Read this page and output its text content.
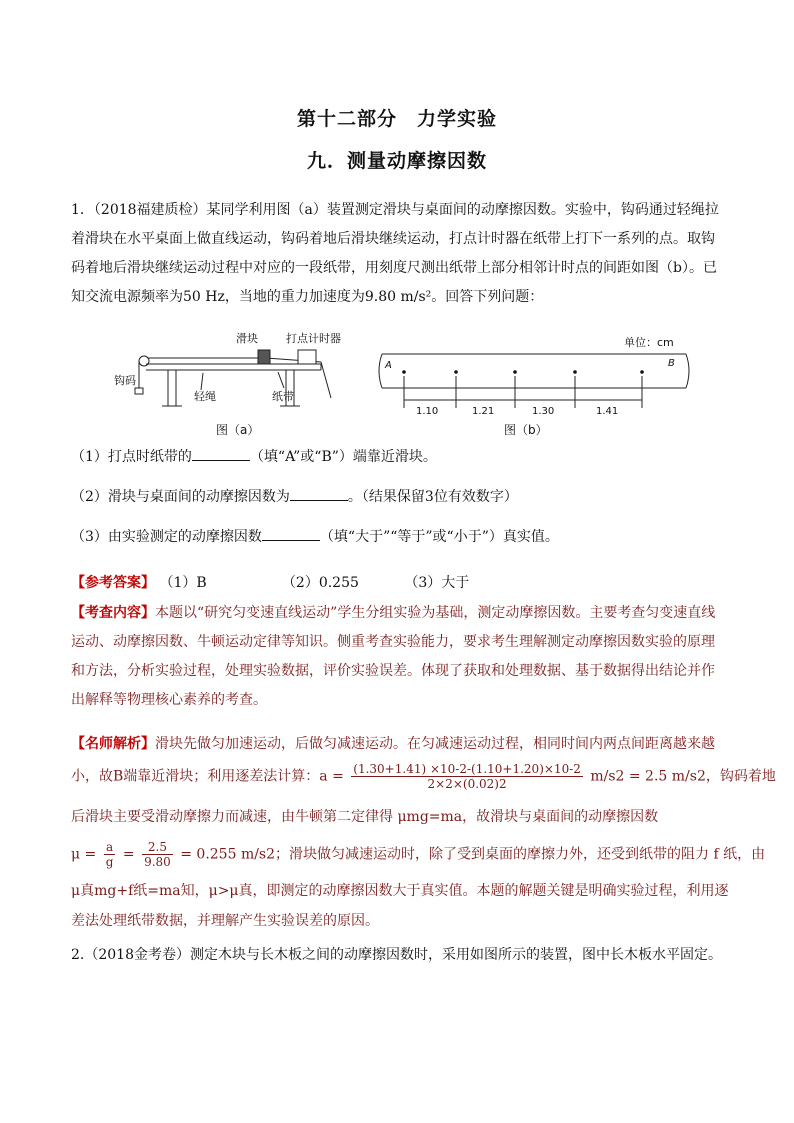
第十二部分　力学实验
九．测量动摩擦因数
1．（2018福建质检）某同学利用图（a）装置测定滑块与桌面间的动摩擦因数。实验中，钩码通过轻绳拉着滑块在水平桌面上做直线运动，钩码着地后滑块继续运动，打点计时器在纸带上打下一系列的点。取钩码着地后滑块继续运动过程中对应的一段纸带，用刻度尺测出纸带上部分相邻计时点的间距如图（b）。已知交流电源频率为50 Hz，当地的重力加速度为9.80 m/s²。回答下列问题：
滑块	打点计时器
钩码
轻绳	纸带
图（a）
单位：cm
A	B
1.10	1.21	1.30	1.41
图（b）
（1）打点时纸带的	（填“A”或“B”）端靠近滑块。
（2）滑块与桌面间的动摩擦因数为	。（结果保留3位有效数字）
（3）由实验测定的动摩擦因数	（填“大于”“等于”或“小于”）真实值。
【参考答案】 （1）B	（2）0.255	（3）大于
【考查内容】本题以“研究匀变速直线运动”学生分组实验为基础，测定动摩擦因数。主要考查匀变速直线运动、动摩擦因数、牛顿运动定律等知识。侧重考查实验能力，要求考生理解测定动摩擦因数实验的原理和方法，分析实验过程，处理实验数据，评价实验误差。体现了获取和处理数据、基于数据得出结论并作出解释等物理核心素养的考查。
【名师解析】滑块先做匀加速运动，后做匀减速运动。在匀减速运动过程，相同时间内两点间距离越来越
小，故B端靠近滑块；利用逐差法计算：$a = \frac{(1.30+1.41) \times 10-2-(1.10+1.20)\times 10-2}{2\times 2\times(0.02)2} m/s2 = 2.5$ m/s2，钩码着地
后滑块主要受滑动摩擦力而减速，由牛顿第二定律得 μmg=ma，故滑块与桌面间的动摩擦因数
$\mu = \frac{a}{g} = \frac{2.5}{9.80} = 0.255$ m/s2；滑块做匀减速运动时，除了受到桌面的摩擦力外，还受到纸带的阻力 f 纸，由
μ真mg+f纸=ma知，μ>μ真，即测定的动摩擦因数大于真实值。本题的解题关键是明确实验过程，利用逐
差法处理纸带数据，并理解产生实验误差的原因。
2.（2018金考卷）测定木块与长木板之间的动摩擦因数时，采用如图所示的装置，图中长木板水平固定。
